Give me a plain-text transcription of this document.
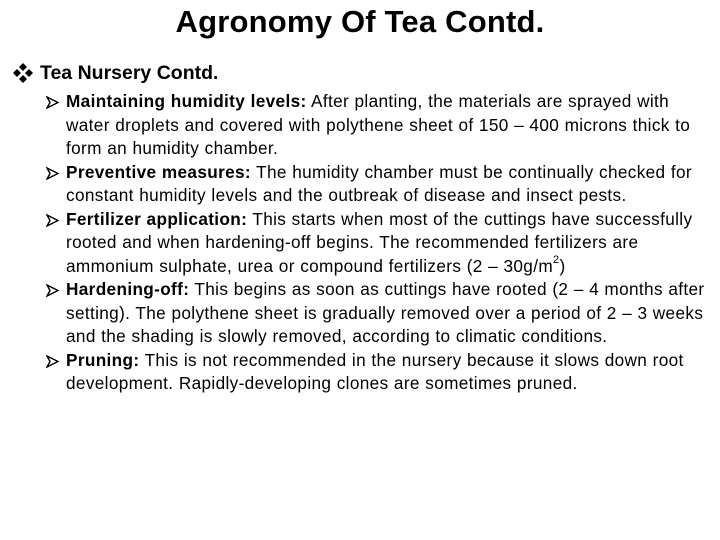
Agronomy Of Tea Contd.
Tea Nursery Contd.
Maintaining humidity levels: After planting, the materials are sprayed with water droplets and covered with polythene sheet of 150 – 400 microns thick to form an humidity chamber.
Preventive measures: The humidity chamber must be continually checked for constant humidity levels and the outbreak of disease and insect pests.
Fertilizer application: This starts when most of the cuttings have successfully rooted and when hardening-off begins. The recommended fertilizers are ammonium sulphate, urea or compound fertilizers $(2 - 30g/m^2)$
Hardening-off: This begins as soon as cuttings have rooted (2 – 4 months after setting). The polythene sheet is gradually removed over a period of 2 – 3 weeks and the shading is slowly removed, according to climatic conditions.
Pruning: This is not recommended in the nursery because it slows down root development. Rapidly-developing clones are sometimes pruned.
